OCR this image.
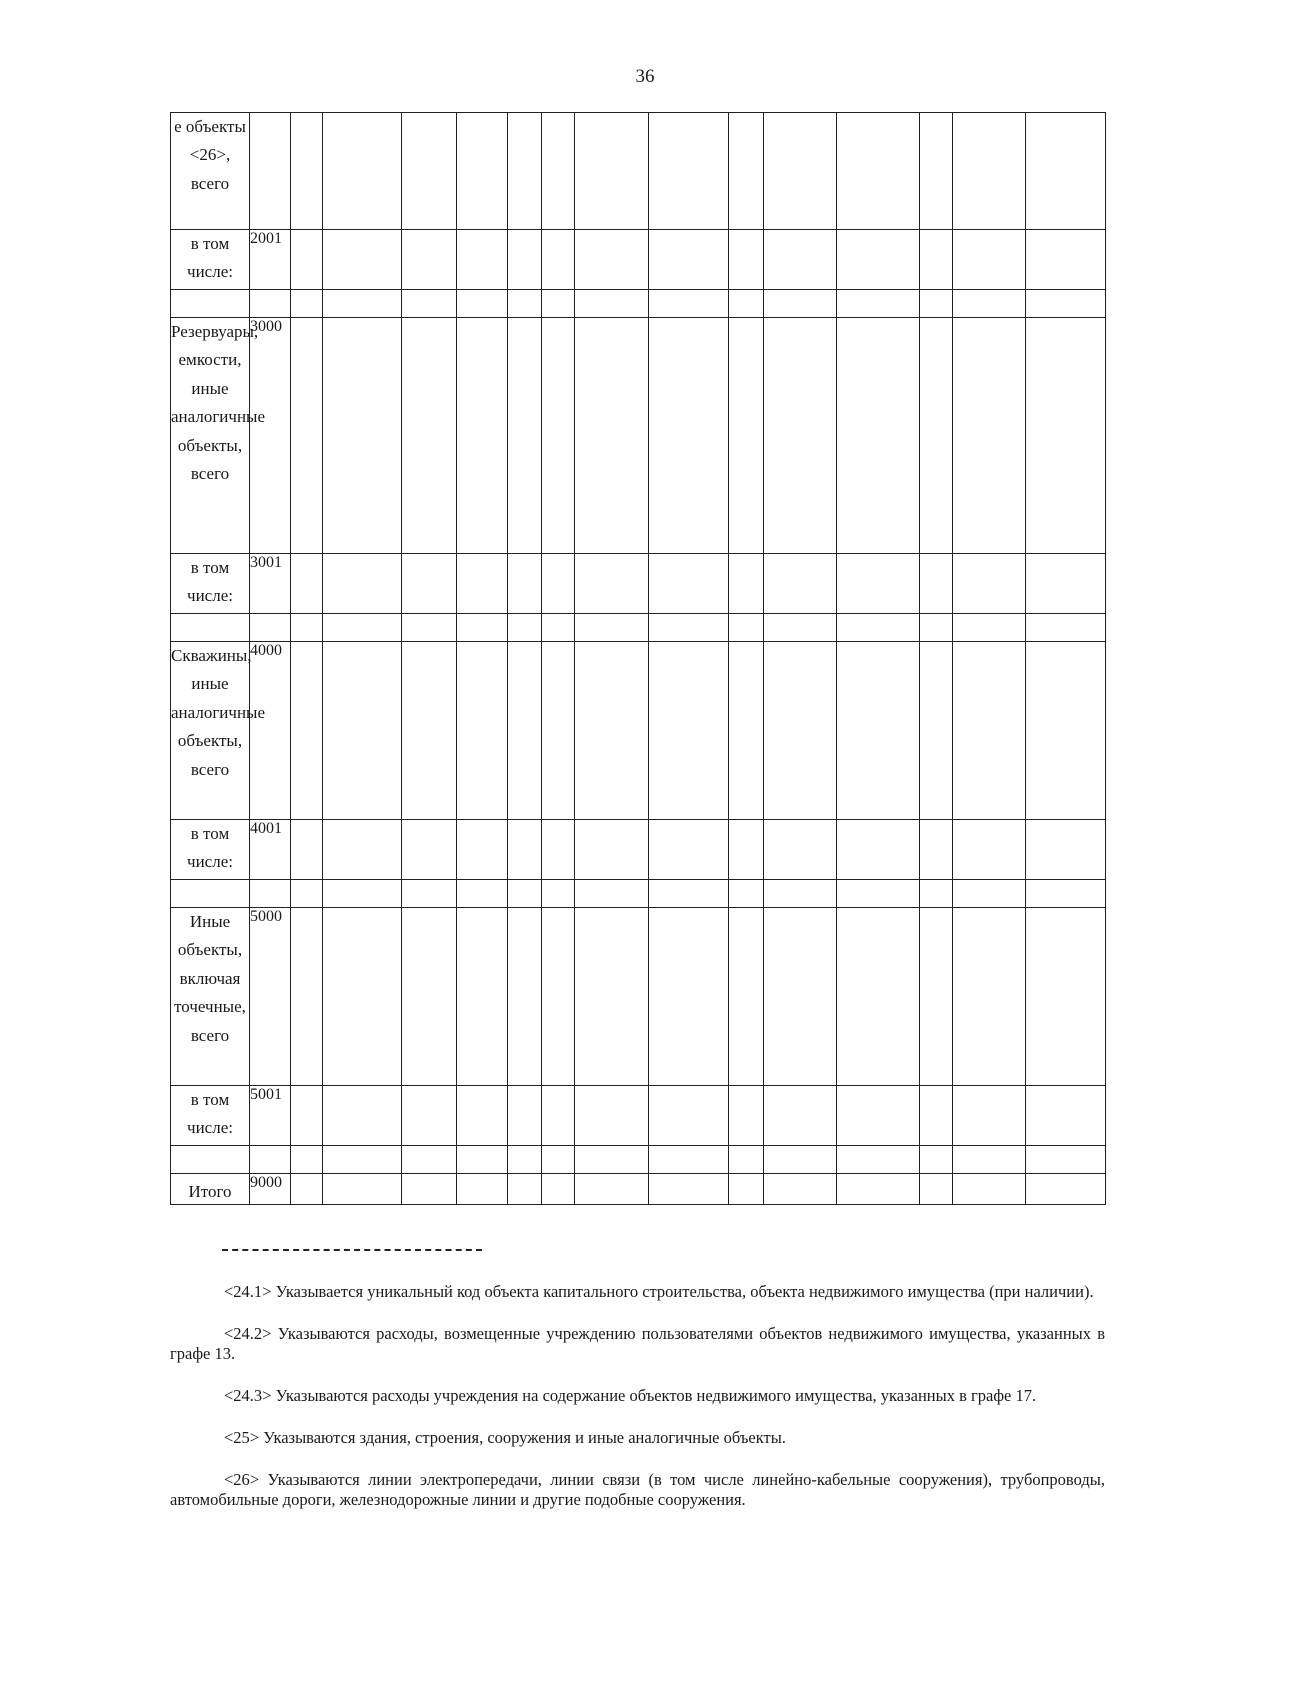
36
е объекты <26>, всего															
в том числе:	2001														

Резервуары, емкости, иные аналогичные объекты, всего	3000														
в том числе:	3001														

Скважины, иные аналогичные объекты, всего	4000														
в том числе:	4001														

Иные объекты, включая точечные, всего	5000														
в том числе:	5001														

Итого	9000														

<24.1> Указывается уникальный код объекта капитального строительства, объекта недвижимого имущества (при наличии).

<24.2> Указываются расходы, возмещенные учреждению пользователями объектов недвижимого имущества, указанных в графе 13.

<24.3> Указываются расходы учреждения на содержание объектов недвижимого имущества, указанных в графе 17.

<25> Указываются здания, строения, сооружения и иные аналогичные объекты.

<26> Указываются линии электропередачи, линии связи (в том числе линейно-кабельные сооружения), трубопроводы, автомобильные дороги, железнодорожные линии и другие подобные сооружения.
